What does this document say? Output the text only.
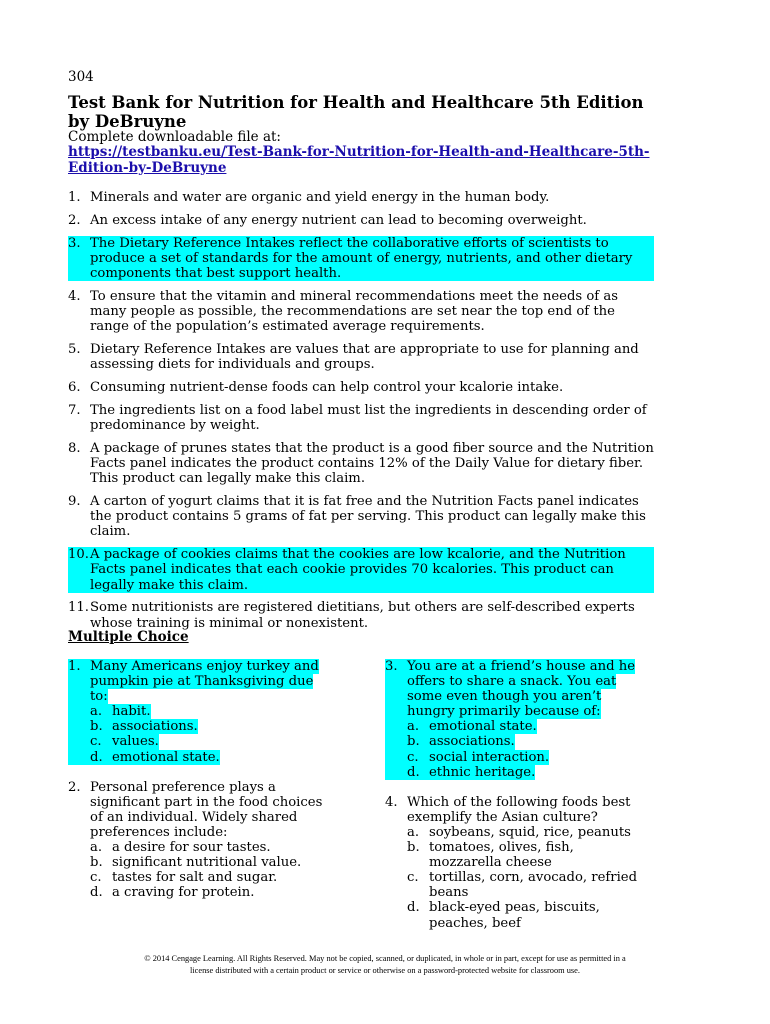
304
Test Bank for Nutrition for Health and Healthcare 5th Edition by DeBruyne
Complete downloadable file at:
https://testbanku.eu/Test-Bank-for-Nutrition-for-Health-and-Healthcare-5th-Edition-by-DeBruyne
1. Minerals and water are organic and yield energy in the human body.
2. An excess intake of any energy nutrient can lead to becoming overweight.
3. The Dietary Reference Intakes reflect the collaborative efforts of scientists to produce a set of standards for the amount of energy, nutrients, and other dietary components that best support health.
4. To ensure that the vitamin and mineral recommendations meet the needs of as many people as possible, the recommendations are set near the top end of the range of the population’s estimated average requirements.
5. Dietary Reference Intakes are values that are appropriate to use for planning and assessing diets for individuals and groups.
6. Consuming nutrient-dense foods can help control your kcalorie intake.
7. The ingredients list on a food label must list the ingredients in descending order of predominance by weight.
8. A package of prunes states that the product is a good fiber source and the Nutrition Facts panel indicates the product contains 12% of the Daily Value for dietary fiber. This product can legally make this claim.
9. A carton of yogurt claims that it is fat free and the Nutrition Facts panel indicates the product contains 5 grams of fat per serving. This product can legally make this claim.
10. A package of cookies claims that the cookies are low kcalorie, and the Nutrition Facts panel indicates that each cookie provides 70 kcalories. This product can legally make this claim.
11. Some nutritionists are registered dietitians, but others are self-described experts whose training is minimal or nonexistent.
Multiple Choice
1. Many Americans enjoy turkey and pumpkin pie at Thanksgiving due to:
a. habit.
b. associations.
c. values.
d. emotional state.
2. Personal preference plays a significant part in the food choices of an individual. Widely shared preferences include:
a. a desire for sour tastes.
b. significant nutritional value.
c. tastes for salt and sugar.
d. a craving for protein.
3. You are at a friend’s house and he offers to share a snack. You eat some even though you aren’t hungry primarily because of:
a. emotional state.
b. associations.
c. social interaction.
d. ethnic heritage.
4. Which of the following foods best exemplify the Asian culture?
a. soybeans, squid, rice, peanuts
b. tomatoes, olives, fish, mozzarella cheese
c. tortillas, corn, avocado, refried beans
d. black-eyed peas, biscuits, peaches, beef
© 2014 Cengage Learning. All Rights Reserved. May not be copied, scanned, or duplicated, in whole or in part, except for use as permitted in a
license distributed with a certain product or service or otherwise on a password-protected website for classroom use.
